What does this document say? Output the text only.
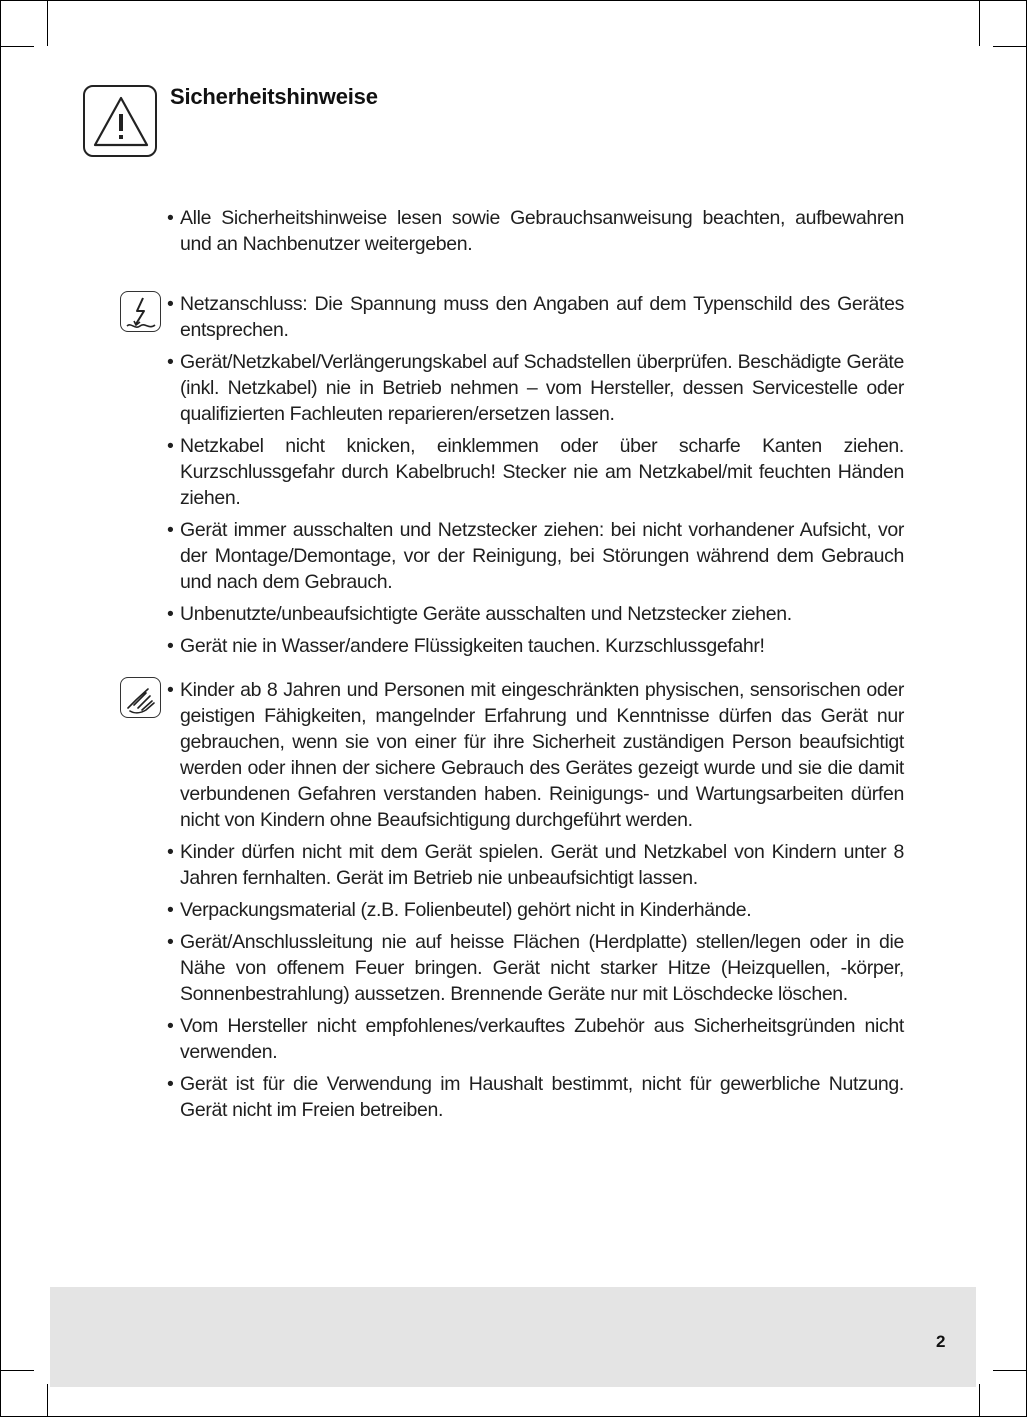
Sicherheitshinweise
• Alle Sicherheitshinweise lesen sowie Gebrauchsanweisung beachten, aufbewahren und an Nachbenutzer weitergeben.
• Netzanschluss: Die Spannung muss den Angaben auf dem Typenschild des Gerätes entsprechen.
• Gerät/Netzkabel/Verlängerungskabel auf Schadstellen überprüfen. Beschädigte Geräte (inkl. Netzkabel) nie in Betrieb nehmen – vom Hersteller, dessen Servicestelle oder qualifizierten Fachleuten reparieren/ersetzen lassen.
• Netzkabel nicht knicken, einklemmen oder über scharfe Kanten ziehen. Kurzschlussgefahr durch Kabelbruch! Stecker nie am Netzkabel/mit feuchten Händen ziehen.
• Gerät immer ausschalten und Netzstecker ziehen: bei nicht vorhandener Aufsicht, vor der Montage/Demontage, vor der Reinigung, bei Störungen während dem Gebrauch und nach dem Gebrauch.
• Unbenutzte/unbeaufsichtigte Geräte ausschalten und Netzstecker ziehen.
• Gerät nie in Wasser/andere Flüssigkeiten tauchen. Kurzschlussgefahr!
• Kinder ab 8 Jahren und Personen mit eingeschränkten physischen, sensorischen oder geistigen Fähigkeiten, mangelnder Erfahrung und Kenntnisse dürfen das Gerät nur gebrauchen, wenn sie von einer für ihre Sicherheit zuständigen Person beaufsichtigt werden oder ihnen der sichere Gebrauch des Gerätes gezeigt wurde und sie die damit verbundenen Gefahren verstanden haben. Reinigungs- und Wartungsarbeiten dürfen nicht von Kindern ohne Beaufsichtigung durchgeführt werden.
• Kinder dürfen nicht mit dem Gerät spielen. Gerät und Netzkabel von Kindern unter 8 Jahren fernhalten. Gerät im Betrieb nie unbeaufsichtigt lassen.
• Verpackungsmaterial (z.B. Folienbeutel) gehört nicht in Kinderhände.
• Gerät/Anschlussleitung nie auf heisse Flächen (Herdplatte) stellen/legen oder in die Nähe von offenem Feuer bringen. Gerät nicht starker Hitze (Heizquellen, -körper, Sonnenbestrahlung) aussetzen. Brennende Geräte nur mit Löschdecke löschen.
• Vom Hersteller nicht empfohlenes/verkauftes Zubehör aus Sicherheitsgründen nicht verwenden.
• Gerät ist für die Verwendung im Haushalt bestimmt, nicht für gewerbliche Nutzung. Gerät nicht im Freien betreiben.
2
